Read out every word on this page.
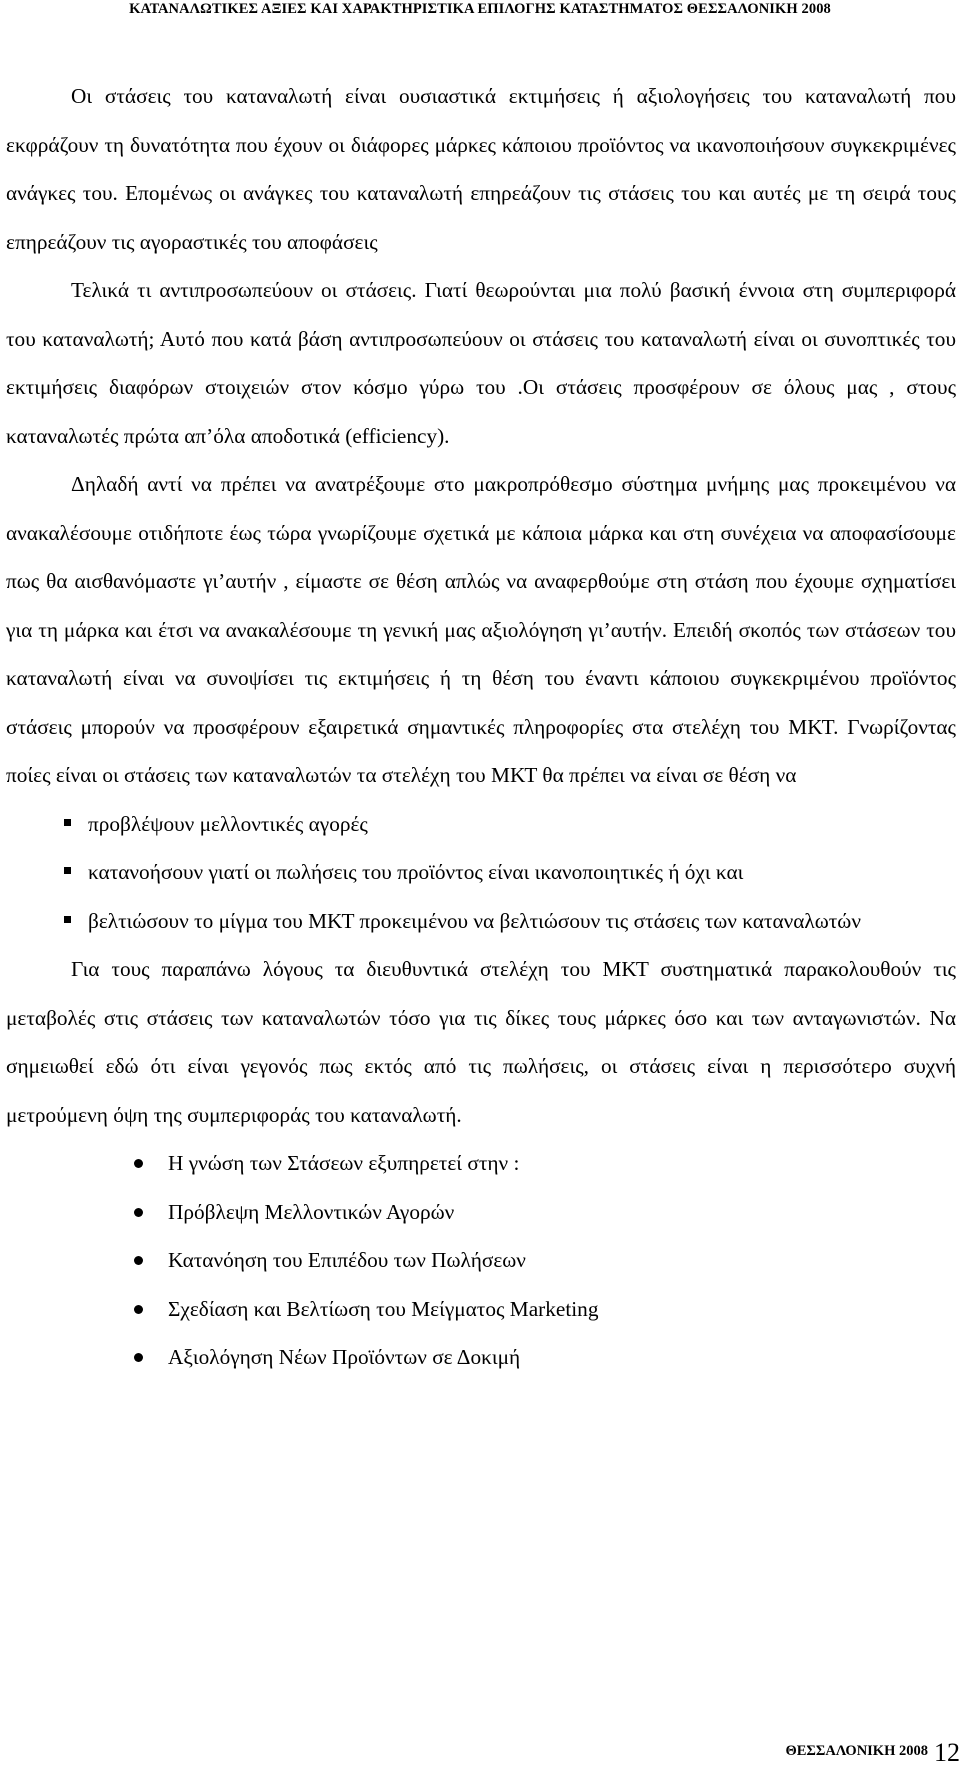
ΚΑΤΑΝΑΛΩΤΙΚΕΣ ΑΞΙΕΣ ΚΑΙ ΧΑΡΑΚΤΗΡΙΣΤΙΚΑ ΕΠΙΛΟΓΗΣ ΚΑΤΑΣΤΗΜΑΤΟΣ ΘΕΣΣΑΛΟΝΙΚΗ 2008

Οι στάσεις του καταναλωτή είναι ουσιαστικά εκτιμήσεις ή αξιολογήσεις του καταναλωτή που εκφράζουν τη δυνατότητα που έχουν οι διάφορες μάρκες κάποιου προϊόντος να ικανοποιήσουν συγκεκριμένες ανάγκες του. Επομένως οι ανάγκες του καταναλωτή επηρεάζουν τις στάσεις του και αυτές με τη σειρά τους επηρεάζουν τις αγοραστικές του αποφάσεις

Τελικά τι αντιπροσωπεύουν οι στάσεις. Γιατί θεωρούνται μια πολύ βασική έννοια στη συμπεριφορά του καταναλωτή; Αυτό που κατά βάση αντιπροσωπεύουν οι στάσεις του καταναλωτή είναι οι συνοπτικές του εκτιμήσεις διαφόρων στοιχειών στον κόσμο γύρω του .Οι στάσεις προσφέρουν σε όλους μας , στους καταναλωτές πρώτα απ’όλα αποδοτικά (efficiency).

Δηλαδή αντί να πρέπει να ανατρέξουμε στο μακροπρόθεσμο σύστημα μνήμης μας προκειμένου να ανακαλέσουμε οτιδήποτε έως τώρα γνωρίζουμε σχετικά με κάποια μάρκα και στη συνέχεια να αποφασίσουμε πως θα αισθανόμαστε γι’αυτήν , είμαστε σε θέση απλώς να αναφερθούμε στη στάση που έχουμε σχηματίσει για τη μάρκα και έτσι να ανακαλέσουμε τη γενική μας αξιολόγηση γι’αυτήν. Επειδή σκοπός των στάσεων του καταναλωτή είναι να συνοψίσει τις εκτιμήσεις ή τη θέση του έναντι κάποιου συγκεκριμένου προϊόντος στάσεις μπορούν να προσφέρουν εξαιρετικά σημαντικές πληροφορίες στα στελέχη του ΜΚΤ. Γνωρίζοντας ποίες είναι οι στάσεις των καταναλωτών τα στελέχη του ΜΚΤ θα πρέπει να είναι σε θέση να

προβλέψουν μελλοντικές αγορές
κατανοήσουν γιατί οι πωλήσεις του προϊόντος είναι ικανοποιητικές ή όχι και
βελτιώσουν το μίγμα του ΜΚΤ προκειμένου να βελτιώσουν τις στάσεις των καταναλωτών

Για τους παραπάνω λόγους τα διευθυντικά στελέχη του ΜΚΤ συστηματικά παρακολουθούν τις μεταβολές στις στάσεις των καταναλωτών τόσο για τις δίκες τους μάρκες όσο και των ανταγωνιστών. Να σημειωθεί εδώ ότι είναι γεγονός πως εκτός από τις πωλήσεις, οι στάσεις είναι η περισσότερο συχνή μετρούμενη όψη της συμπεριφοράς του καταναλωτή.

Η γνώση των Στάσεων εξυπηρετεί στην :
Πρόβλεψη Μελλοντικών Αγορών
Κατανόηση του Επιπέδου των Πωλήσεων
Σχεδίαση και Βελτίωση του Μείγματος Marketing
Αξιολόγηση Νέων Προϊόντων σε Δοκιμή
ΘΕΣΣΑΛΟΝΙΚΗ 2008 12
